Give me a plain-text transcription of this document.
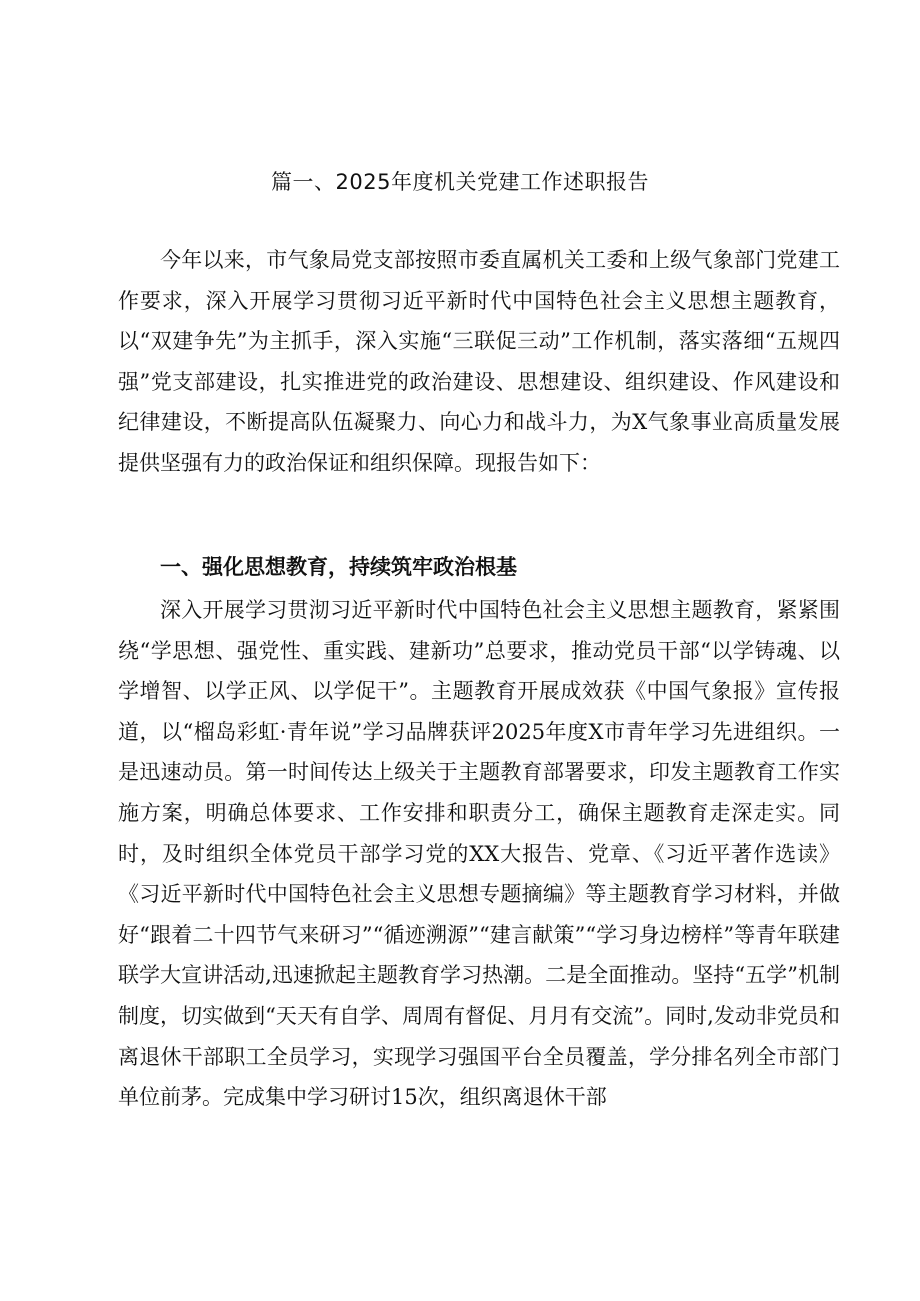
篇一、2025年度机关党建工作述职报告

今年以来，市气象局党支部按照市委直属机关工委和上级气象部门党建工作要求，深入开展学习贯彻习近平新时代中国特色社会主义思想主题教育，以“双建争先”为主抓手，深入实施“三联促三动”工作机制，落实落细“五规四强”党支部建设，扎实推进党的政治建设、思想建设、组织建设、作风建设和纪律建设，不断提高队伍凝聚力、向心力和战斗力，为X气象事业高质量发展提供坚强有力的政治保证和组织保障。现报告如下：

一、强化思想教育，持续筑牢政治根基

深入开展学习贯沏习近平新时代中国特色社会主义思想主题教育，紧紧围绕“学思想、强党性、重实践、建新功”总要求，推动党员干部“以学铸魂、以学增智、以学正风、以学促干”。主题教育开展成效获《中国气象报》宣传报道，以“榴岛彩虹·青年说”学习品牌获评2025年度X市青年学习先进组织。一是迅速动员。第一时间传达上级关于主题教育部署要求，印发主题教育工作实施方案，明确总体要求、工作安排和职责分工，确保主题教育走深走实。同时，及时组织全体党员干部学习党的XX大报告、党章、《习近平著作选读》《习近平新时代中国特色社会主义思想专题摘编》等主题教育学习材料，并做好“跟着二十四节气来研习”“循迹溯源”“建言献策”“学习身边榜样”等青年联建联学大宣讲活动,迅速掀起主题教育学习热潮。二是全面推动。坚持“五学”机制制度，切实做到“天天有自学、周周有督促、月月有交流”。同时,发动非党员和离退休干部职工全员学习，实现学习强国平台全员覆盖，学分排名列全市部门单位前茅。完成集中学习研讨15次，组织离退休干部
